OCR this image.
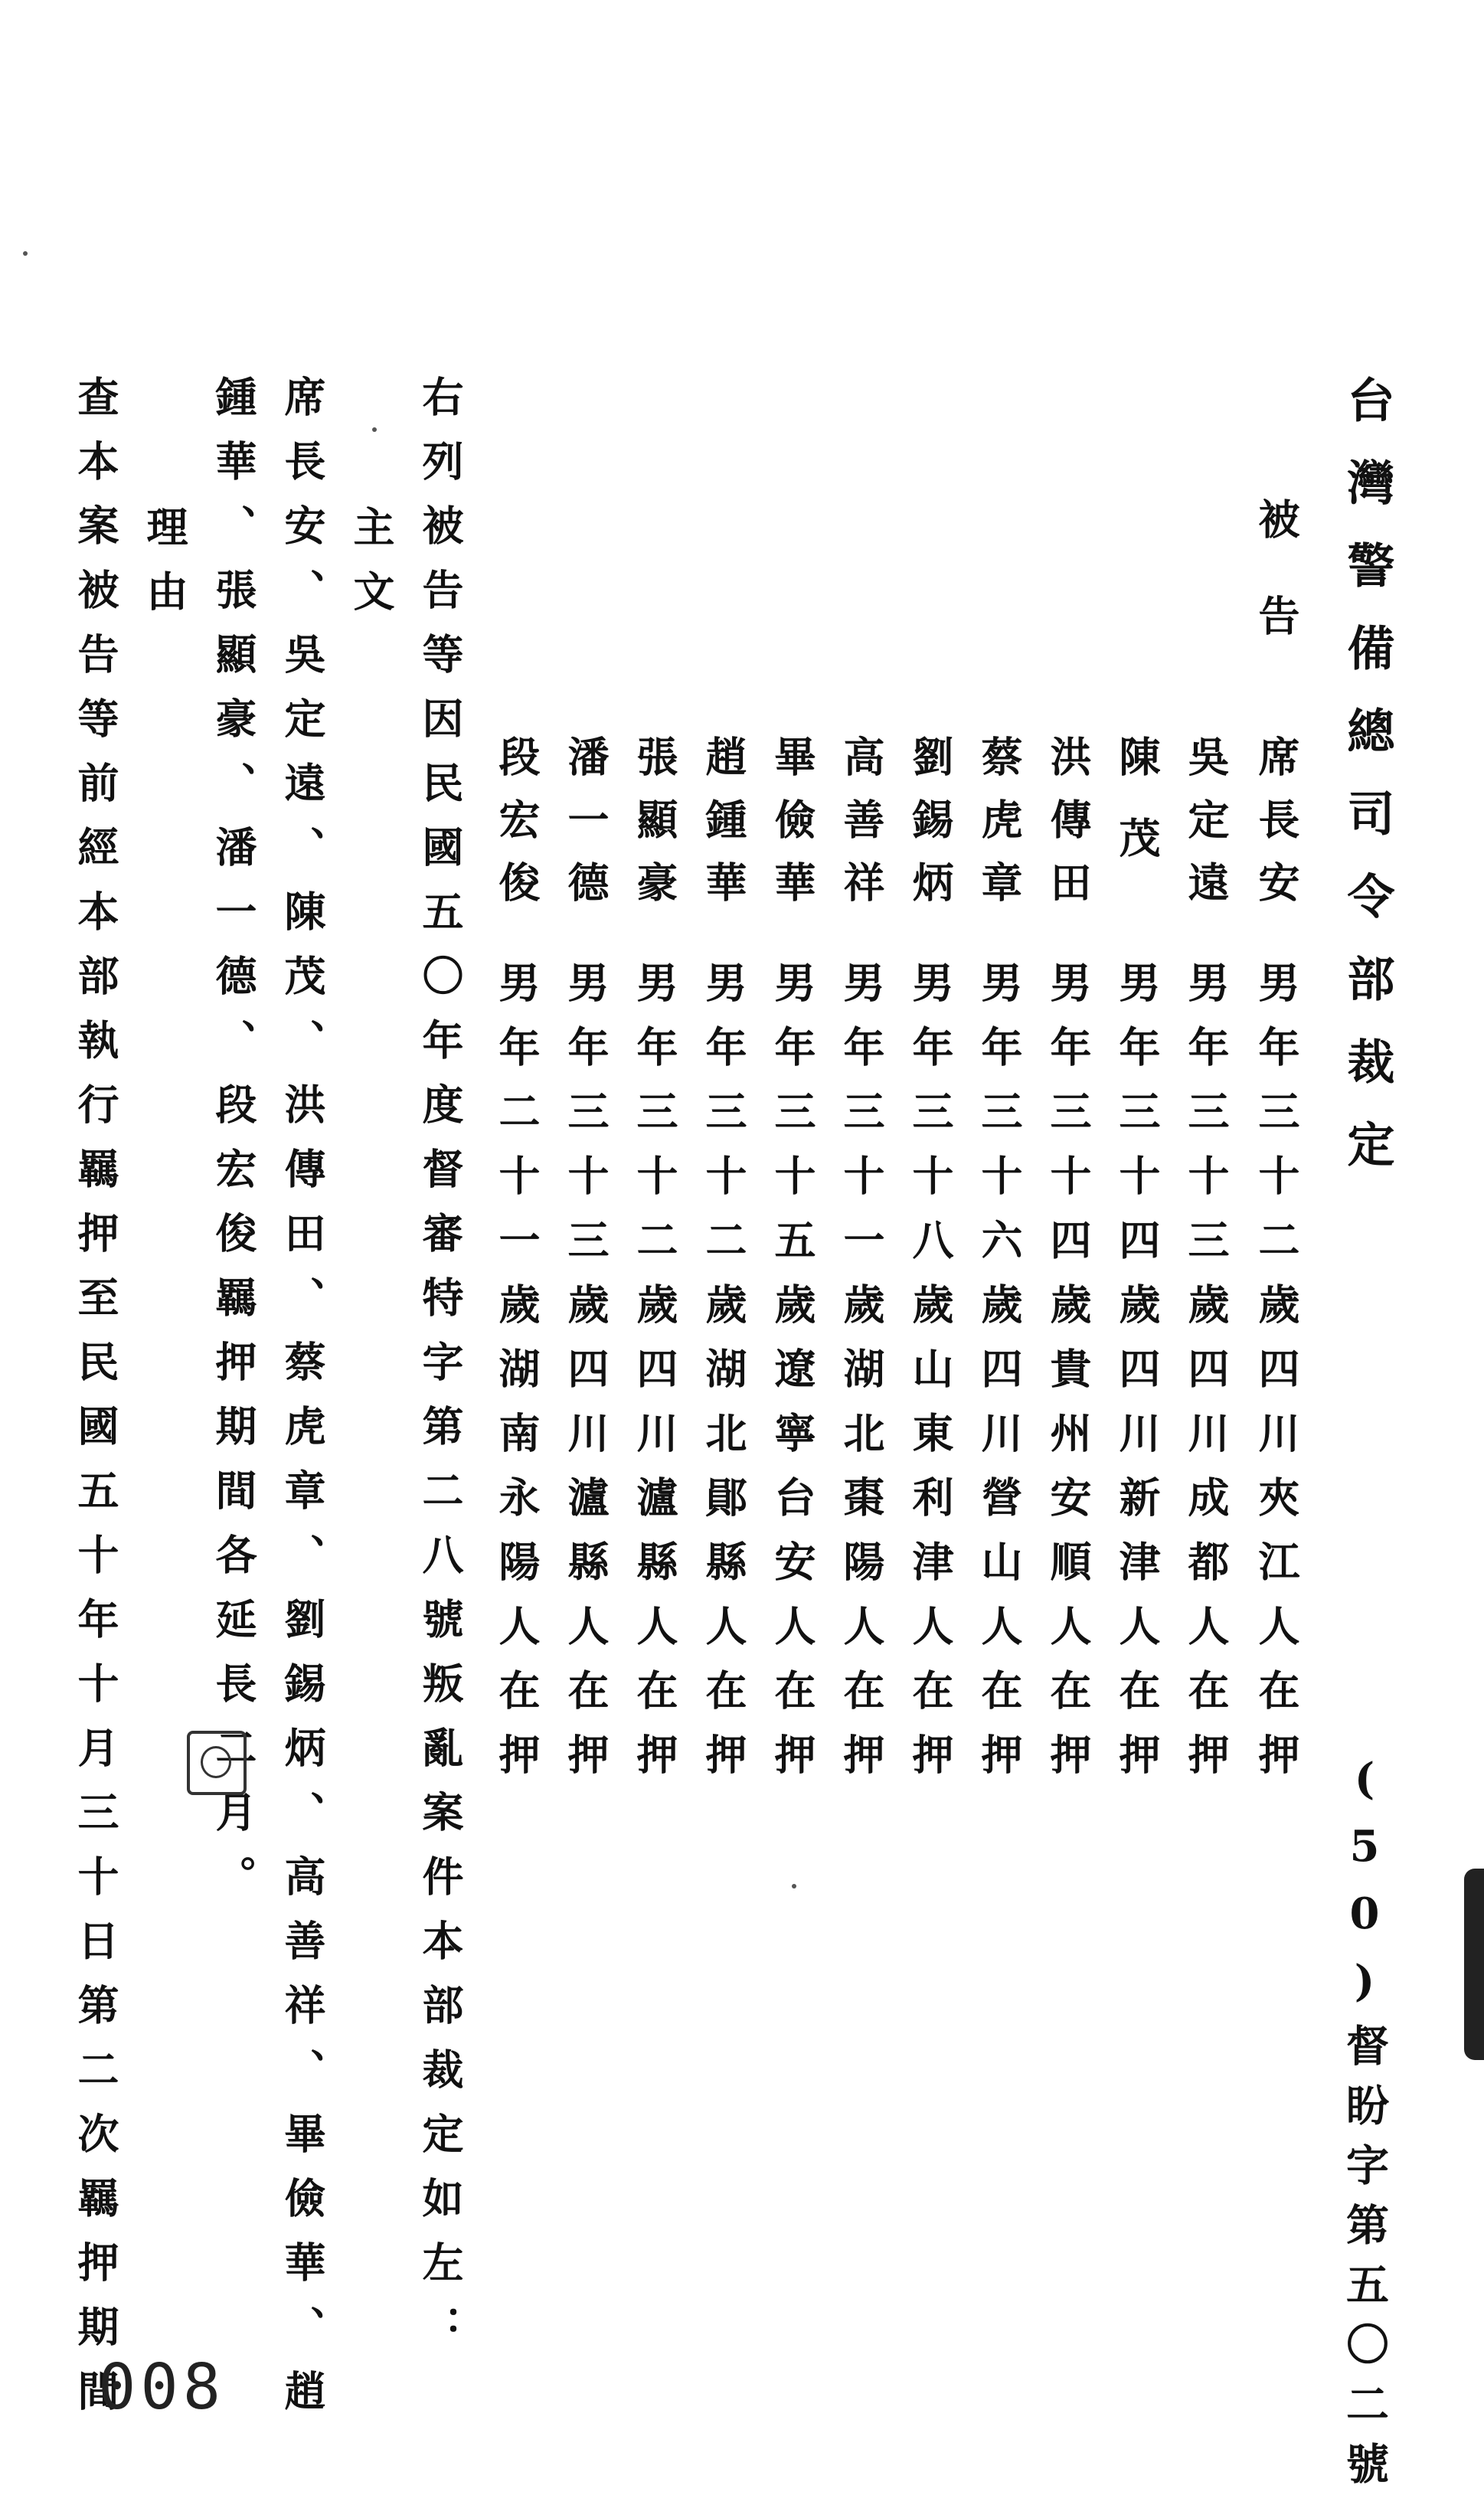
台灣警備總司令部裁定
(50)督盼字第五〇二號
被告
席長安
男年三十二歲四川夾江人在押
吳定遠
男年三十三歲四川成都人在押
陳茂
男年三十四歲四川新津人在押
洪傳田
男年三十四歲貴州安順人在押
蔡虎章
男年三十六歲四川營山人在押
劉錫炳
男年三十八歲山東利津人在押
高善祥
男年三十一歲湖北棗陽人在押
畢儉華
男年三十五歲遼寧台安人在押
趙鍾華
男年三十二歲湖北鄖縣人在押
張顯豪
男年三十二歲四川瀘縣人在押
潘一德
男年三十三歲四川瀘縣人在押
段宏俊
男年二十一歲湖南永陽人在押
右列被告等因民國五〇年度督審特字第二八號叛亂案件本部裁定如左：
主文
席長安、吳定遠、陳茂、洪傳田、蔡虎章、劉錫炳、高善祥、畢儉華、趙
鍾華、張顯豪、潘一德、段宏俊羈押期間各延長二月。
理由
查本案被告等前經本部執行羈押至民國五十年十月三十日第二次羈押期間
008
